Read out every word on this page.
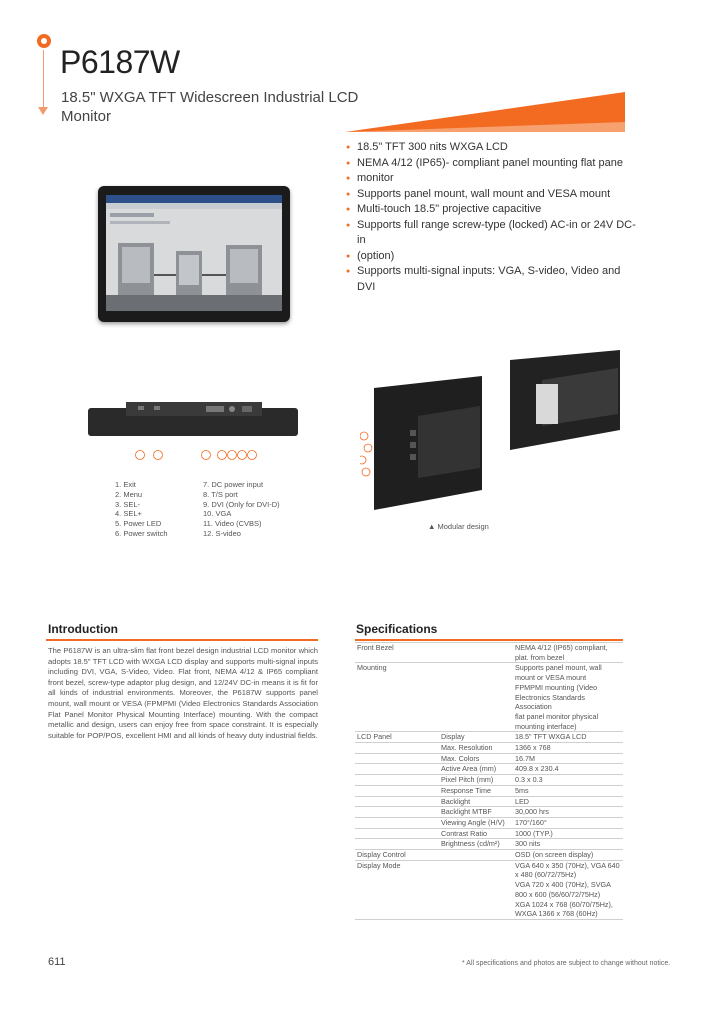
P6187W
18.5" WXGA TFT Widescreen Industrial LCD
Monitor
● 18.5" TFT 300 nits WXGA LCD
● NEMA 4/12 (IP65)- compliant panel mounting flat pane
● monitor
● Supports panel mount, wall mount and VESA mount
● Multi-touch 18.5" projective capacitive
● Supports full range screw-type (locked) AC-in or 24V DC-in
● (option)
● Supports multi-signal inputs: VGA, S-video, Video and DVI
1. Exit
2. Menu
3. SEL-
4. SEL+
5. Power LED
6. Power switch
7. DC power input
8. T/S port
9. DVI (Only for DVI-D)
10. VGA
11. Video (CVBS)
12. S-video
▲ Modular design
Introduction

The P6187W is an ultra-slim flat front bezel design industrial LCD monitor which adopts 18.5" TFT LCD with WXGA LCD display and supports multi-signal inputs including DVI, VGA, S-Video, Video. Flat front, NEMA 4/12 & IP65 compliant front bezel, screw-type adaptor plug design, and 12/24V DC-in means it is fit for all kinds of industrial environments. Moreover, the P6187W supports panel mount, wall mount or VESA (FPMPMI (Video Electronics Standards Association Flat Panel Monitor Physical Mounting Interface) mounting. With the compact metallic and design, users can enjoy free from space constraint. It is especially suitable for POP/POS, excellent HMI and all kinds of heavy duty industrial fields.

Specifications
Front Bezel		NEMA 4/12 (IP65) compliant, plat. from bezel
Mounting		Supports panel mount, wall mount or VESA mount
		FPMPMI mounting (Video Electronics Standards Association
		flat panel monitor physical mounting interface)
LCD Panel	Display	18.5" TFT WXGA LCD
	Max. Resolution	1366 x 768
	Max. Colors	16.7M
	Active Area (mm)	409.8 x 230.4
	Pixel Pitch (mm)	0.3 x 0.3
	Response Time	5ms
	Backlight	LED
	Backlight MTBF	30,000 hrs
	Viewing Angle (H/V)	170°/160°
	Contrast Ratio	1000 (TYP.)
	Brightness (cd/m²)	300 nits
Display Control		OSD (on screen display)
Display Mode		VGA 640 x 350 (70Hz), VGA 640 x 480 (60/72/75Hz)
		VGA 720 x 400 (70Hz), SVGA 800 x 600 (56/60/72/75Hz)
		XGA 1024 x 768 (60/70/75Hz), WXGA 1366 x 768 (60Hz)
611	* All specifications and photos are subject to change without notice.
